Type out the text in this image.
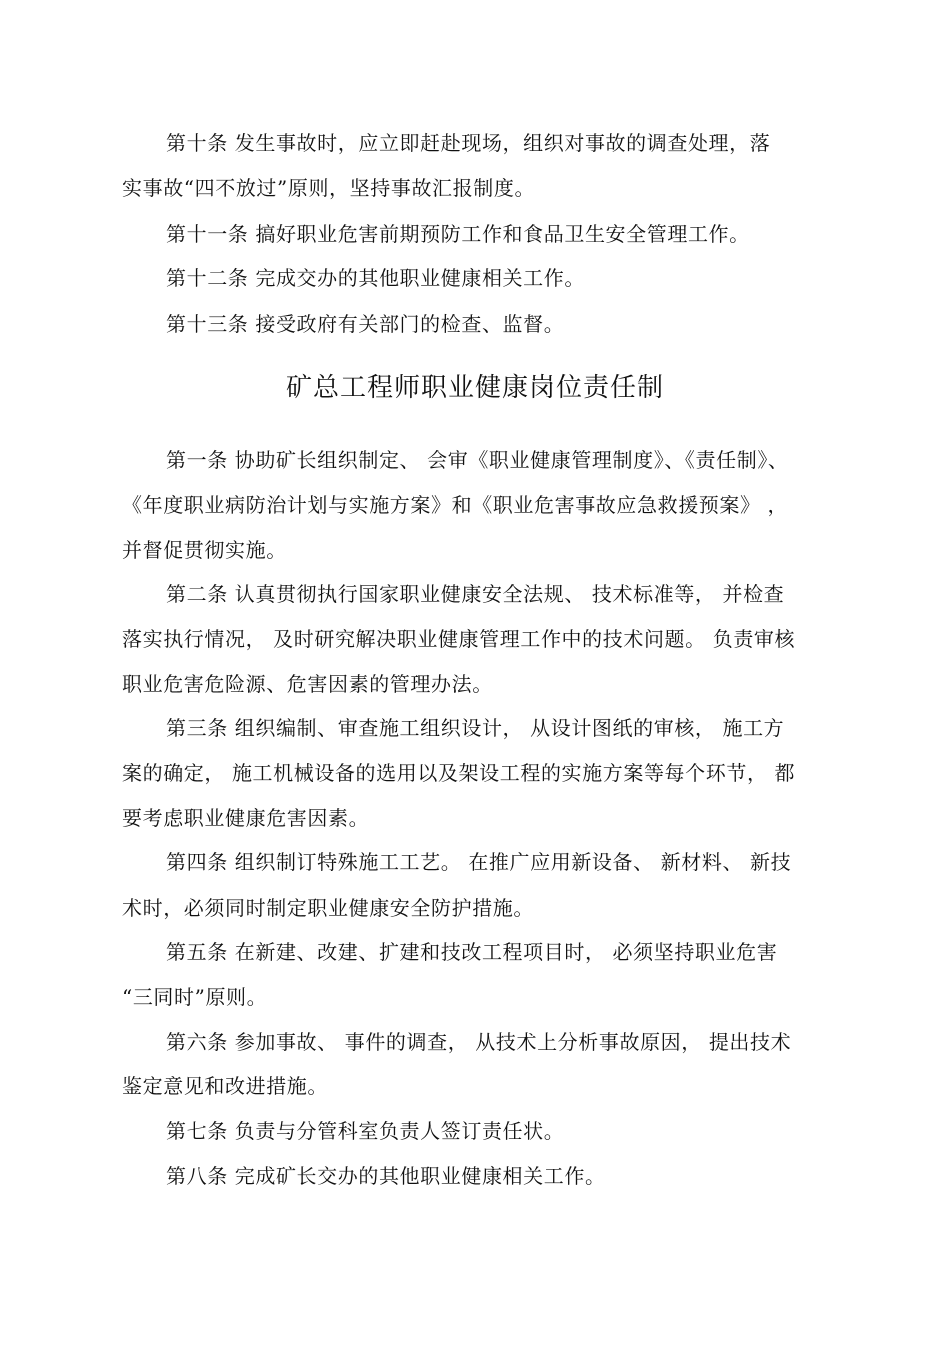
第十条 发生事故时，应立即赶赴现场，组织对事故的调查处理，落
实事故“四不放过”原则，坚持事故汇报制度。
第十一条 搞好职业危害前期预防工作和食品卫生安全管理工作。
第十二条 完成交办的其他职业健康相关工作。
第十三条 接受政府有关部门的检查、监督。
矿总工程师职业健康岗位责任制
第一条 协助矿长组织制定、 会审《职业健康管理制度》、《责任制》、
《年度职业病防治计划与实施方案》和《职业危害事故应急救援预案》 ，
并督促贯彻实施。
第二条 认真贯彻执行国家职业健康安全法规、 技术标准等， 并检查
落实执行情况， 及时研究解决职业健康管理工作中的技术问题。 负责审核
职业危害危险源、危害因素的管理办法。
第三条 组织编制、审查施工组织设计， 从设计图纸的审核， 施工方
案的确定， 施工机械设备的选用以及架设工程的实施方案等每个环节， 都
要考虑职业健康危害因素。
第四条 组织制订特殊施工工艺。 在推广应用新设备、 新材料、 新技
术时，必须同时制定职业健康安全防护措施。
第五条 在新建、改建、扩建和技改工程项目时， 必须坚持职业危害
“三同时”原则。
第六条 参加事故、 事件的调查， 从技术上分析事故原因， 提出技术
鉴定意见和改进措施。
第七条 负责与分管科室负责人签订责任状。
第八条 完成矿长交办的其他职业健康相关工作。
